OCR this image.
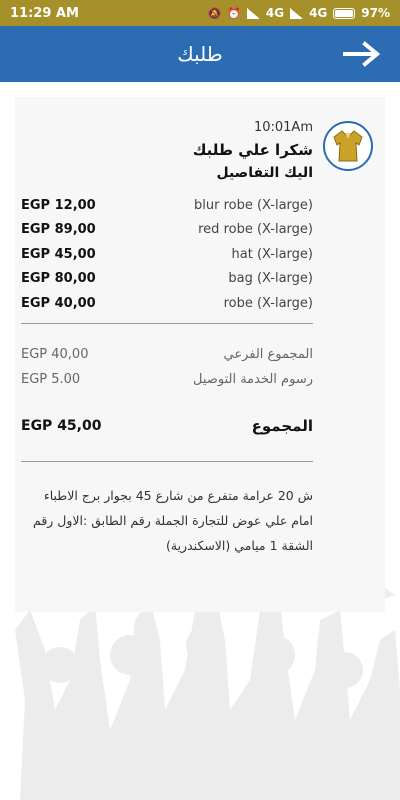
11:29 AM	🔕 ⏰ 4G 4G	97%
طلبك
10:01Am
شكرا علي طلبك
اليك التفاصيل
EGP 12,00	blur robe (X-large)
EGP 89,00	red robe (X-large)
EGP 45,00	hat (X-large)
EGP 80,00	bag (X-large)
EGP 40,00	robe (X-large)
EGP 40,00	المجموع الفرعي
EGP 5.00	رسوم الخدمة التوصيل
EGP 45,00	المجموع
ش 20 عرامة متفرع من شارع 45 بجوار برج الاطباء امام علي عوض للتجارة الجملة رقم الطابق :الاول رقم الشقة 1 ميامي (الاسكندرية)
